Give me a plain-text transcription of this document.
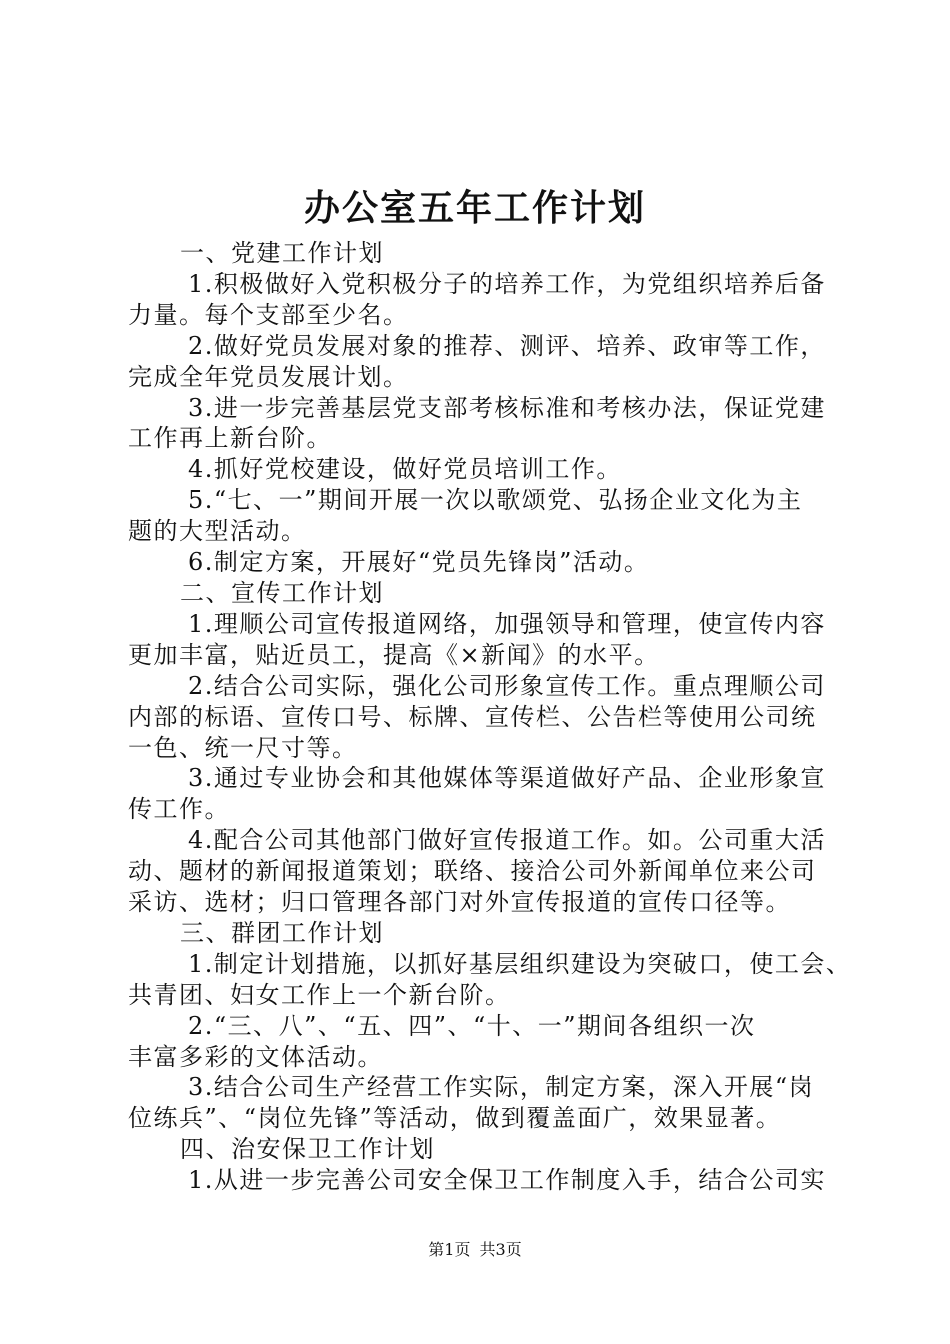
办公室五年工作计划
一、党建工作计划
1.积极做好入党积极分子的培养工作，为党组织培养后备
力量。每个支部至少名。
2.做好党员发展对象的推荐、测评、培养、政审等工作，
完成全年党员发展计划。
3.进一步完善基层党支部考核标准和考核办法，保证党建
工作再上新台阶。
4.抓好党校建设，做好党员培训工作。
5.“七、一”期间开展一次以歌颂党、弘扬企业文化为主
题的大型活动。
6.制定方案，开展好“党员先锋岗”活动。
二、宣传工作计划
1.理顺公司宣传报道网络，加强领导和管理，使宣传内容
更加丰富，贴近员工，提高《×新闻》的水平。
2.结合公司实际，强化公司形象宣传工作。重点理顺公司
内部的标语、宣传口号、标牌、宣传栏、公告栏等使用公司统
一色、统一尺寸等。
3.通过专业协会和其他媒体等渠道做好产品、企业形象宣
传工作。
4.配合公司其他部门做好宣传报道工作。如。公司重大活
动、题材的新闻报道策划；联络、接洽公司外新闻单位来公司
采访、选材；归口管理各部门对外宣传报道的宣传口径等。
三、群团工作计划
1.制定计划措施，以抓好基层组织建设为突破口，使工会、
共青团、妇女工作上一个新台阶。
2.“三、八”、“五、四”、“十、一”期间各组织一次
丰富多彩的文体活动。
3.结合公司生产经营工作实际，制定方案，深入开展“岗
位练兵”、“岗位先锋”等活动，做到覆盖面广，效果显著。
四、治安保卫工作计划
1.从进一步完善公司安全保卫工作制度入手，结合公司实
第1页 共3页
